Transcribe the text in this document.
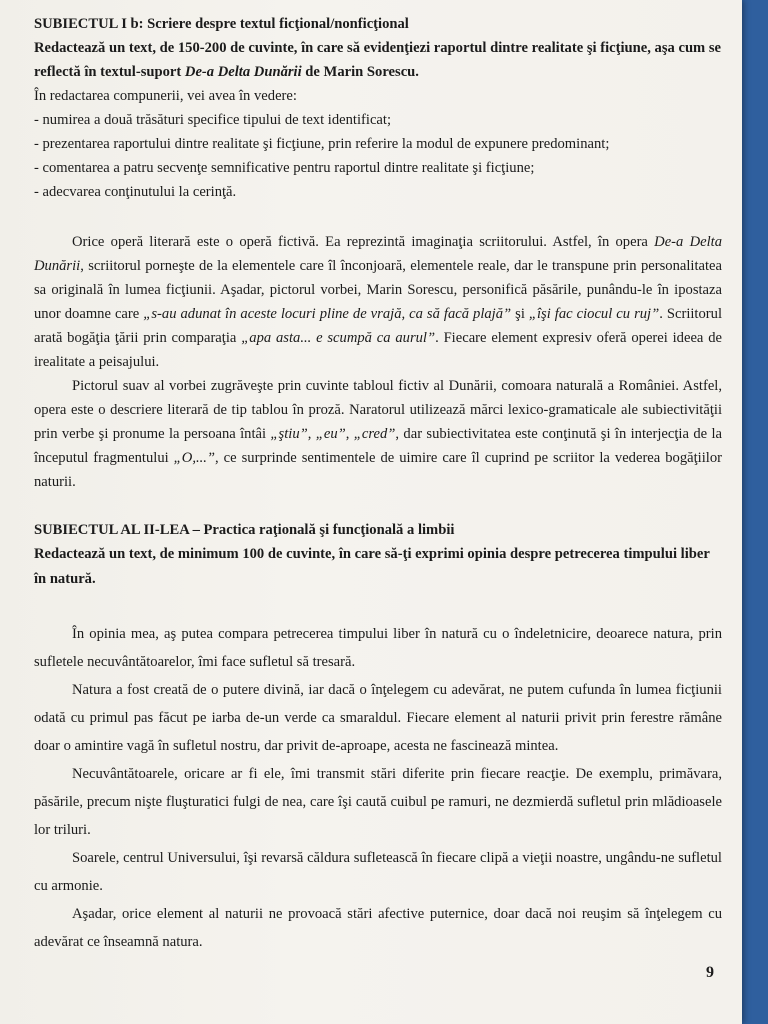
SUBIECTUL I b: Scriere despre textul ficţional/nonficţional

Redactează un text, de 150-200 de cuvinte, în care să evidenţiezi raportul dintre realitate şi ficţiune, aşa cum se reflectă în textul-suport De-a Delta Dunării de Marin Sorescu.

În redactarea compunerii, vei avea în vedere:

- numirea a două trăsături specifice tipului de text identificat;

- prezentarea raportului dintre realitate şi ficţiune, prin referire la modul de expunere predominant;

- comentarea a patru secvenţe semnificative pentru raportul dintre realitate şi ficţiune;

- adecvarea conţinutului la cerinţă.

Orice operă literară este o operă fictivă. Ea reprezintă imaginaţia scriitorului. Astfel, în opera De-a Delta Dunării, scriitorul porneşte de la elementele care îl înconjoară, elementele reale, dar le transpune prin personalitatea sa originală în lumea ficţiunii. Aşadar, pictorul vorbei, Marin Sorescu, personifică păsările, punându-le în ipostaza unor doamne care „s-au adunat în aceste locuri pline de vrajă, ca să facă plajă” şi „îşi fac ciocul cu ruj”. Scriitorul arată bogăţia ţării prin comparaţia „apa asta... e scumpă ca aurul”. Fiecare element expresiv oferă operei ideea de irealitate a peisajului.

Pictorul suav al vorbei zugrăveşte prin cuvinte tabloul fictiv al Dunării, comoara naturală a României. Astfel, opera este o descriere literară de tip tablou în proză. Naratorul utilizează mărci lexico-gramaticale ale subiectivităţii prin verbe şi pronume la persoana întâi „ştiu”, „eu”, „cred”, dar subiectivitatea este conţinută şi în interjecţia de la începutul fragmentului „O,...”, ce surprinde sentimentele de uimire care îl cuprind pe scriitor la vederea bogăţiilor naturii.

SUBIECTUL AL II-LEA – Practica raţională şi funcţională a limbii

Redactează un text, de minimum 100 de cuvinte, în care să-ţi exprimi opinia despre petrecerea timpului liber în natură.

În opinia mea, aş putea compara petrecerea timpului liber în natură cu o îndeletnicire, deoarece natura, prin sufletele necuvântătoarelor, îmi face sufletul să tresară.

Natura a fost creată de o putere divină, iar dacă o înţelegem cu adevărat, ne putem cufunda în lumea ficţiunii odată cu primul pas făcut pe iarba de-un verde ca smaraldul. Fiecare element al naturii privit prin ferestre rămâne doar o amintire vagă în sufletul nostru, dar privit de-aproape, acesta ne fascinează mintea.

Necuvântătoarele, oricare ar fi ele, îmi transmit stări diferite prin fiecare reacţie. De exemplu, primăvara, păsările, precum nişte fluşturatici fulgi de nea, care îşi caută cuibul pe ramuri, ne dezmierdă sufletul prin mlădioasele lor triluri.

Soarele, centrul Universului, îşi revarsă căldura sufletească în fiecare clipă a vieţii noastre, ungându-ne sufletul cu armonie.

Aşadar, orice element al naturii ne provoacă stări afective puternice, doar dacă noi reuşim să înţelegem cu adevărat ce înseamnă natura.

9
